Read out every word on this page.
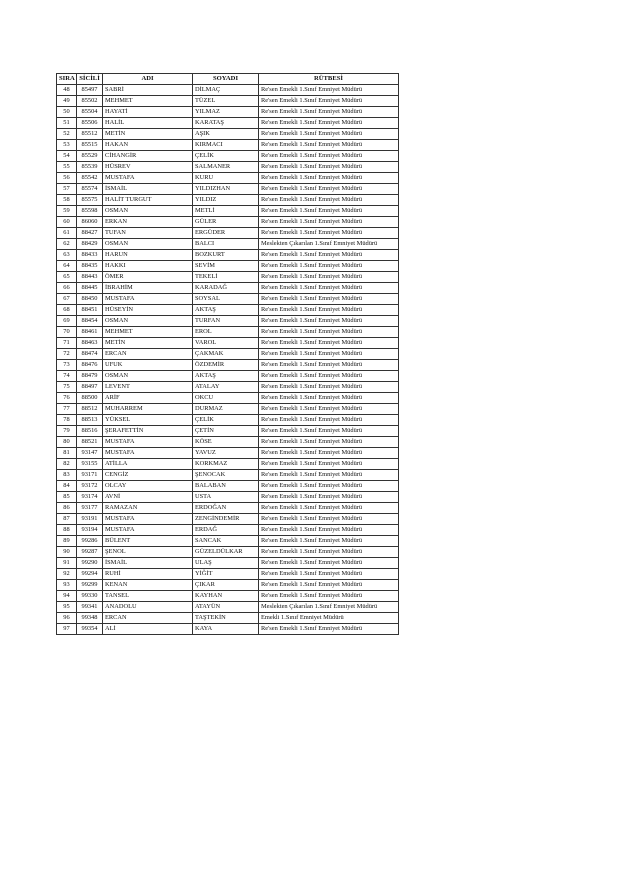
SIRA	SİCİLİ	ADI	SOYADI	RÜTBESİ
48	85497	SABRİ	DİLMAÇ	Re'sen Emekli 1.Sınıf Emniyet Müdürü
49	85502	MEHMET	TÜZEL	Re'sen Emekli 1.Sınıf Emniyet Müdürü
50	85504	HAYATİ	YILMAZ	Re'sen Emekli 1.Sınıf Emniyet Müdürü
51	85506	HALİL	KARATAŞ	Re'sen Emekli 1.Sınıf Emniyet Müdürü
52	85512	METİN	AŞIK	Re'sen Emekli 1.Sınıf Emniyet Müdürü
53	85515	HAKAN	KIRMACI	Re'sen Emekli 1.Sınıf Emniyet Müdürü
54	85529	CİHANGİR	ÇELİK	Re'sen Emekli 1.Sınıf Emniyet Müdürü
55	85539	HÜSREV	SALMANER	Re'sen Emekli 1.Sınıf Emniyet Müdürü
56	85542	MUSTAFA	KURU	Re'sen Emekli 1.Sınıf Emniyet Müdürü
57	85574	İSMAİL	YILDIZHAN	Re'sen Emekli 1.Sınıf Emniyet Müdürü
58	85575	HALİT TURGUT	YILDIZ	Re'sen Emekli 1.Sınıf Emniyet Müdürü
59	85598	OSMAN	METLİ	Re'sen Emekli 1.Sınıf Emniyet Müdürü
60	86060	ERKAN	GÜLER	Re'sen Emekli 1.Sınıf Emniyet Müdürü
61	88427	TUFAN	ERGÜDER	Re'sen Emekli 1.Sınıf Emniyet Müdürü
62	88429	OSMAN	BALCI	Meslekten Çıkarılan 1.Sınıf Emniyet Müdürü
63	88433	HARUN	BOZKURT	Re'sen Emekli 1.Sınıf Emniyet Müdürü
64	88435	HAKKI	SEVİM	Re'sen Emekli 1.Sınıf Emniyet Müdürü
65	88443	ÖMER	TEKELİ	Re'sen Emekli 1.Sınıf Emniyet Müdürü
66	88445	İBRAHİM	KARADAĞ	Re'sen Emekli 1.Sınıf Emniyet Müdürü
67	88450	MUSTAFA	SOYSAL	Re'sen Emekli 1.Sınıf Emniyet Müdürü
68	88451	HÜSEYİN	AKTAŞ	Re'sen Emekli 1.Sınıf Emniyet Müdürü
69	88454	OSMAN	TURFAN	Re'sen Emekli 1.Sınıf Emniyet Müdürü
70	88461	MEHMET	EROL	Re'sen Emekli 1.Sınıf Emniyet Müdürü
71	88463	METİN	VAROL	Re'sen Emekli 1.Sınıf Emniyet Müdürü
72	88474	ERCAN	ÇAKMAK	Re'sen Emekli 1.Sınıf Emniyet Müdürü
73	88476	UFUK	ÖZDEMİR	Re'sen Emekli 1.Sınıf Emniyet Müdürü
74	88479	OSMAN	AKTAŞ	Re'sen Emekli 1.Sınıf Emniyet Müdürü
75	88497	LEVENT	ATALAY	Re'sen Emekli 1.Sınıf Emniyet Müdürü
76	88500	ARİF	OKCU	Re'sen Emekli 1.Sınıf Emniyet Müdürü
77	88512	MUHARREM	DURMAZ	Re'sen Emekli 1.Sınıf Emniyet Müdürü
78	88513	YÜKSEL	ÇELİK	Re'sen Emekli 1.Sınıf Emniyet Müdürü
79	88516	ŞERAFETTİN	ÇETİN	Re'sen Emekli 1.Sınıf Emniyet Müdürü
80	88521	MUSTAFA	KÖSE	Re'sen Emekli 1.Sınıf Emniyet Müdürü
81	93147	MUSTAFA	YAVUZ	Re'sen Emekli 1.Sınıf Emniyet Müdürü
82	93155	ATİLLA	KORKMAZ	Re'sen Emekli 1.Sınıf Emniyet Müdürü
83	93171	CENGİZ	ŞENOCAK	Re'sen Emekli 1.Sınıf Emniyet Müdürü
84	93172	OLCAY	BALABAN	Re'sen Emekli 1.Sınıf Emniyet Müdürü
85	93174	AVNİ	USTA	Re'sen Emekli 1.Sınıf Emniyet Müdürü
86	93177	RAMAZAN	ERDOĞAN	Re'sen Emekli 1.Sınıf Emniyet Müdürü
87	93191	MUSTAFA	ZENGİNDEMİR	Re'sen Emekli 1.Sınıf Emniyet Müdürü
88	93194	MUSTAFA	ERDAĞ	Re'sen Emekli 1.Sınıf Emniyet Müdürü
89	99286	BÜLENT	SANCAK	Re'sen Emekli 1.Sınıf Emniyet Müdürü
90	99287	ŞENOL	GÜZELDÜLKAR	Re'sen Emekli 1.Sınıf Emniyet Müdürü
91	99290	İSMAİL	ULAŞ	Re'sen Emekli 1.Sınıf Emniyet Müdürü
92	99294	RUHİ	YİĞİT	Re'sen Emekli 1.Sınıf Emniyet Müdürü
93	99299	KENAN	ÇIKAR	Re'sen Emekli 1.Sınıf Emniyet Müdürü
94	99330	TANSEL	KAYHAN	Re'sen Emekli 1.Sınıf Emniyet Müdürü
95	99341	ANADOLU	ATAYÜN	Meslekten Çıkarılan 1.Sınıf Emniyet Müdürü
96	99348	ERCAN	TAŞTEKİN	Emekli 1.Sınıf Emniyet Müdürü
97	99354	ALİ	KAYA	Re'sen Emekli 1.Sınıf Emniyet Müdürü
